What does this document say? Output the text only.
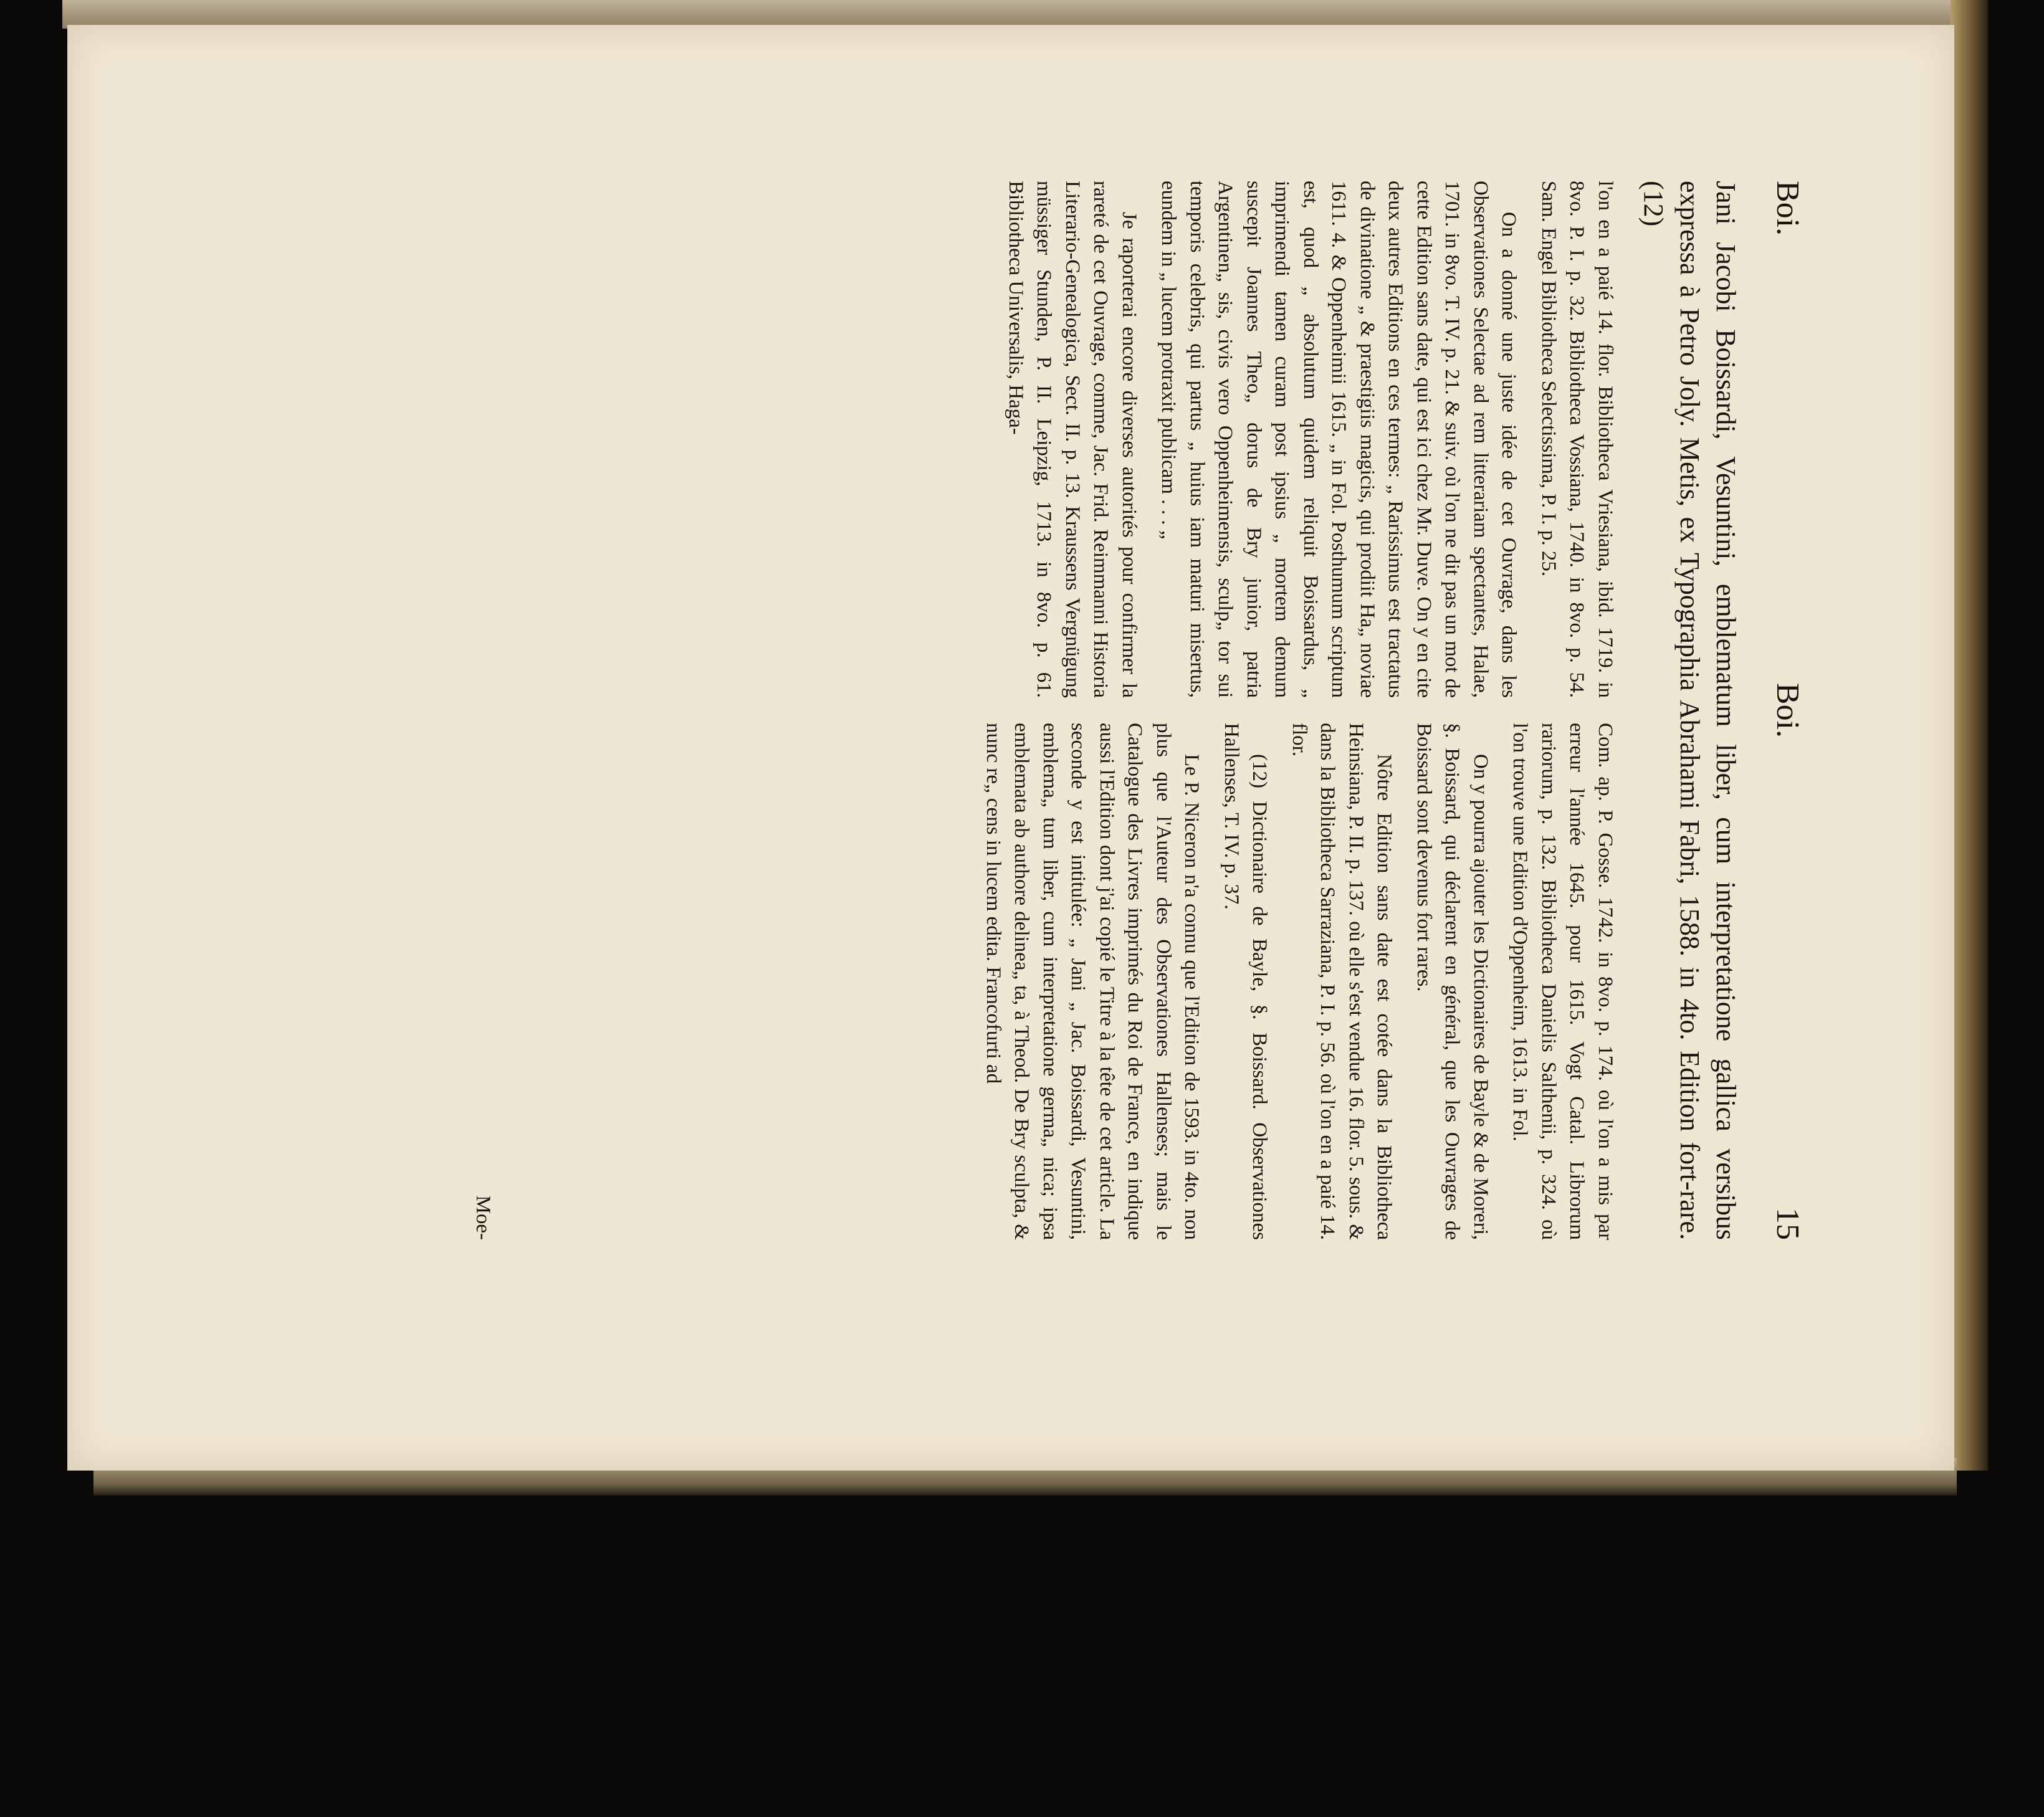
Boi.
Boi.
15
Jani Jacobi Boissardi, Vesuntini, emblematum liber, cum interpretatione gallica versibus expressa à Petro Joly. Metis, ex Typographia Abrahami Fabri, 1588. in 4to. Edition fort-rare. (12)

l'on en a paié 14. flor. Bibliotheca Vriesiana, ibid. 1719. in 8vo. P. I. p. 32. Bibliotheca Vossiana, 1740. in 8vo. p. 54. Sam. Engel Bibliotheca Selectissima, P. I. p. 25.

On a donné une juste idée de cet Ouvrage, dans les Observationes Selectae ad rem litterariam spectantes, Halae, 1701. in 8vo. T. IV. p. 21. & suiv. où l'on ne dit pas un mot de cette Edition sans date, qui est ici chez Mr. Duve. On y en cite deux autres Editions en ces termes: „ Rarissimus est tractatus de divinatione „ & praestigiis magicis, qui prodiit Ha„ noviae 1611. 4. & Oppenheimii 1615. „ in Fol. Posthumum scriptum est, quod „ absolutum quidem reliquit Boissardus, „ imprimendi tamen curam post ipsius „ mortem demum suscepit Joannes Theo„ dorus de Bry junior, patria Argentinen„ sis, civis vero Oppenheimensis, sculp„ tor sui temporis celebris, qui partus „ huius iam maturi misertus, eundem in „ lucem protraxit publicam . . . „

Je raporterai encore diverses autorités pour confirmer la rareté de cet Ouvrage, comme, Jac. Frid. Reimmanni Historia Literario-Genealogica, Sect. II. p. 13. Kraussens Vergnügung müssiger Stunden, P. II. Leipzig, 1713. in 8vo. p. 61. Bibliotheca Universalis, Haga-

Com. ap. P. Gosse. 1742. in 8vo. p. 174. où l'on a mis par erreur l'année 1645. pour 1615. Vogt Catal. Librorum rariorum, p. 132. Bibliotheca Danielis Salthenii, p. 324. où l'on trouve une Edition d'Oppenheim, 1613. in Fol.

On y pourra ajouter les Dictionaires de Bayle & de Moreri, §. Boissard, qui déclarent en général, que les Ouvrages de Boissard sont devenus fort rares.

Nôtre Edition sans date est cotée dans la Bibliotheca Heinsiana, P. II. p. 137. où elle s'est vendue 16. flor. 5. sous. & dans la Bibliotheca Sarraziana, P. I. p. 56. où l'on en a paié 14. flor.

(12) Dictionaire de Bayle, §. Boissard. Observationes Hallenses, T. IV. p. 37.

Le P. Niceron n'a connu que l'Edition de 1593. in 4to. non plus que l'Auteur des Observationes Hallenses; mais le Catalogue des Livres imprimés du Roi de France, en indique aussi l'Edition dont j'ai copié le Titre à la tête de cet article. La seconde y est intitulée: „ Jani „ Jac. Boissardi, Vesuntini, emblema„ tum liber, cum interpretatione germa„ nica; ipsa emblemata ab authore delinea„ ta, à Theod. De Bry sculpta, & nunc re„ cens in lucem edita. Francofurti ad

Moe-
